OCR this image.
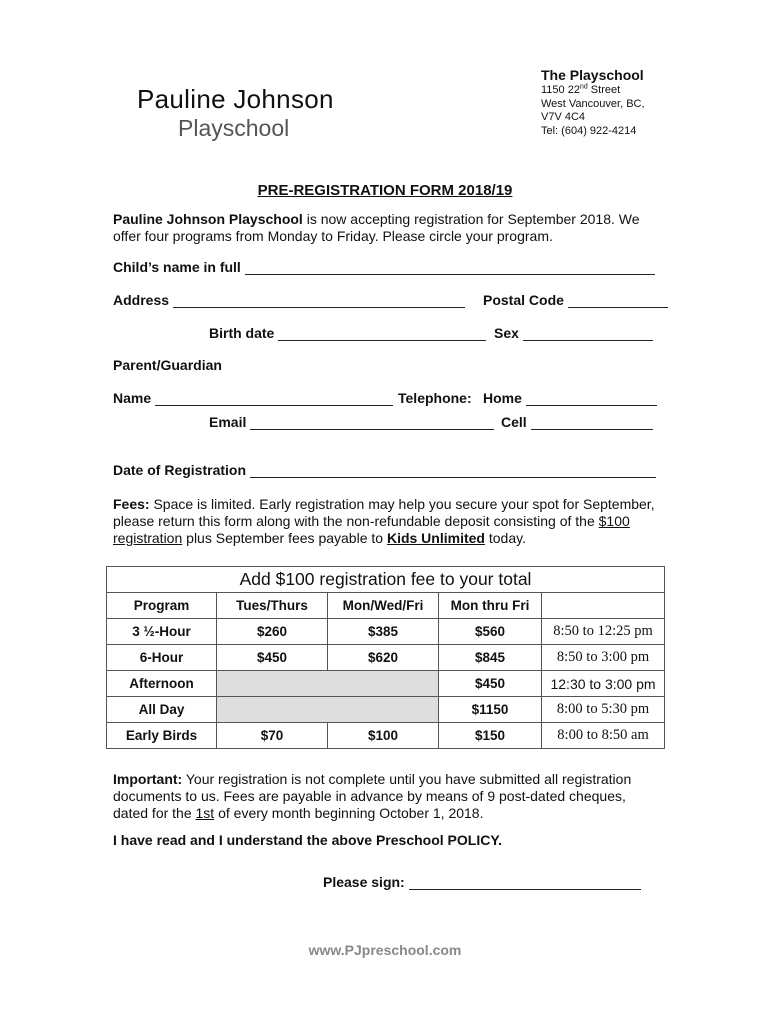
Pauline Johnson
Playschool
The Playschool
1150 22nd Street
West Vancouver, BC,
V7V 4C4
Tel: (604) 922-4214
PRE-REGISTRATION FORM 2018/19
Pauline Johnson Playschool is now accepting registration for September 2018. We
offer four programs from Monday to Friday. Please circle your program.
Child’s name in full
Address	Postal Code
Birth date	Sex
Parent/Guardian
Name	Telephone: Home
Email	Cell
Date of Registration
Fees: Space is limited. Early registration may help you secure your spot for September,
please return this form along with the non-refundable deposit consisting of the $100
registration plus September fees payable to Kids Unlimited today.
Add $100 registration fee to your total				
Program	Tues/Thurs	Mon/Wed/Fri	Mon thru Fri	
3 ½-Hour	$260	$385	$560	8:50 to 12:25 pm
6-Hour	$450	$620	$845	8:50 to 3:00 pm
Afternoon			$450	12:30 to 3:00 pm
All Day			$1150	8:00 to 5:30 pm
Early Birds	$70	$100	$150	8:00 to 8:50 am
Important: Your registration is not complete until you have submitted all registration
documents to us. Fees are payable in advance by means of 9 post-dated cheques,
dated for the 1st of every month beginning October 1, 2018.
I have read and I understand the above Preschool POLICY.
Please sign:
www.PJpreschool.com
